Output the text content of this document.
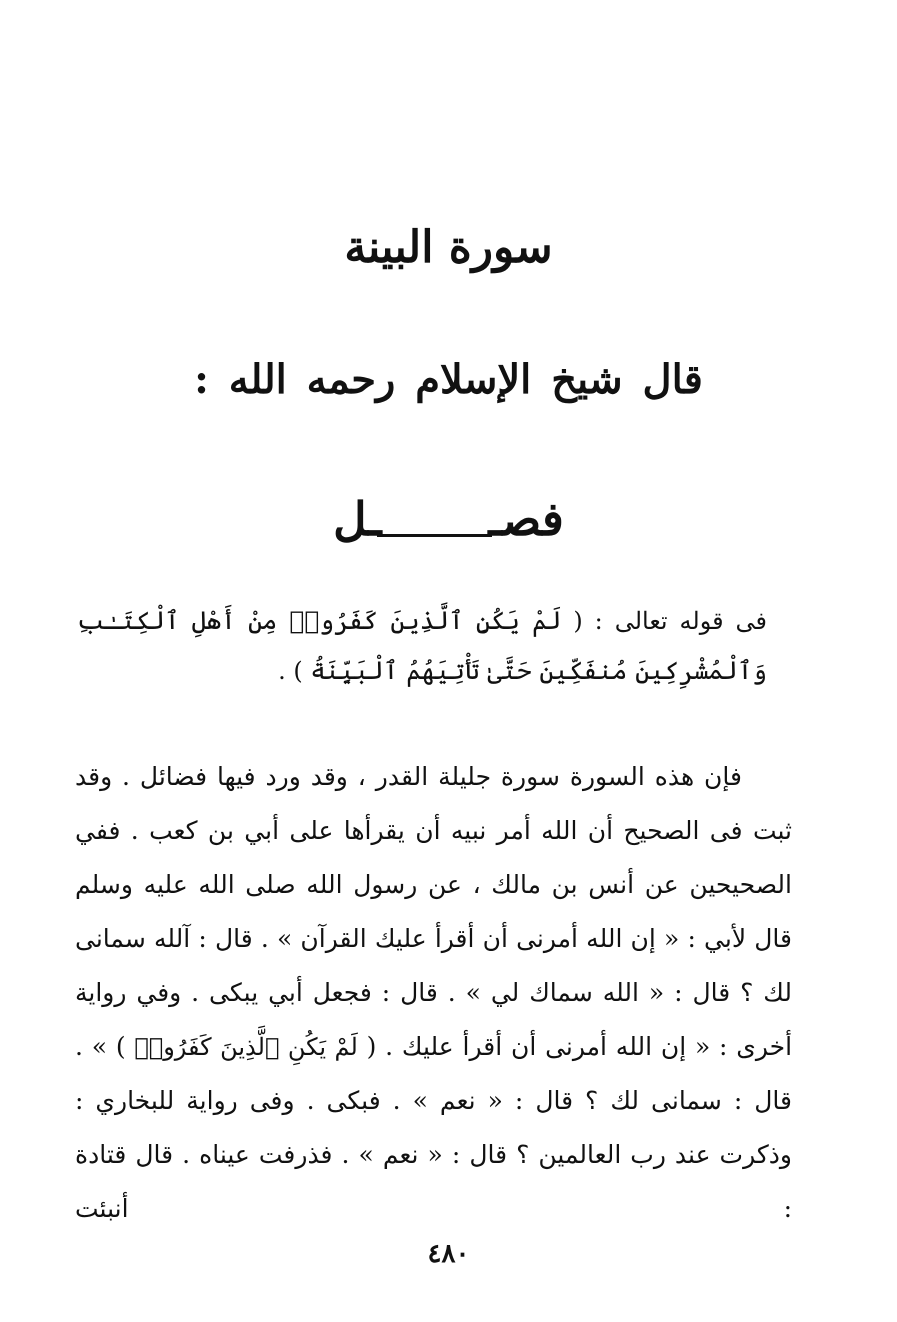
سورة البينة
قال شيخ الإسلام رحمه الله :
فصــل
فى قوله تعالى : ( لَمْ يَكُنِ ٱلَّذِينَ كَفَرُوا۟ مِنْ أَهْلِ ٱلْكِتَـٰبِ وَٱلْمُشْرِكِينَ مُنفَكِّينَ حَتَّىٰ تَأْتِيَهُمُ ٱلْبَيِّنَةُ ) .

فإن هذه السورة سورة جليلة القدر ، وقد ورد فيها فضائل . وقد ثبت فى الصحيح أن الله أمر نبيه أن يقرأها على أبي بن كعب . ففي الصحيحين عن أنس بن مالك ، عن رسول الله صلى الله عليه وسلم قال لأبي : « إن الله أمرنى أن أقرأ عليك القرآن » . قال : آلله سمانى لك ؟ قال : « الله سماك لي » . قال : فجعل أبي يبكى . وفي رواية أخرى : « إن الله أمرنى أن أقرأ عليك . ( لَمْ يَكُنِ ٱلَّذِينَ كَفَرُوا۟ ) » . قال : سمانى لك ؟ قال : « نعم » . فبكى . وفى رواية للبخاري : وذكرت عند رب العالمين ؟ قال : « نعم » . فذرفت عيناه . قال قتادة : أنبئت

٤٨٠
